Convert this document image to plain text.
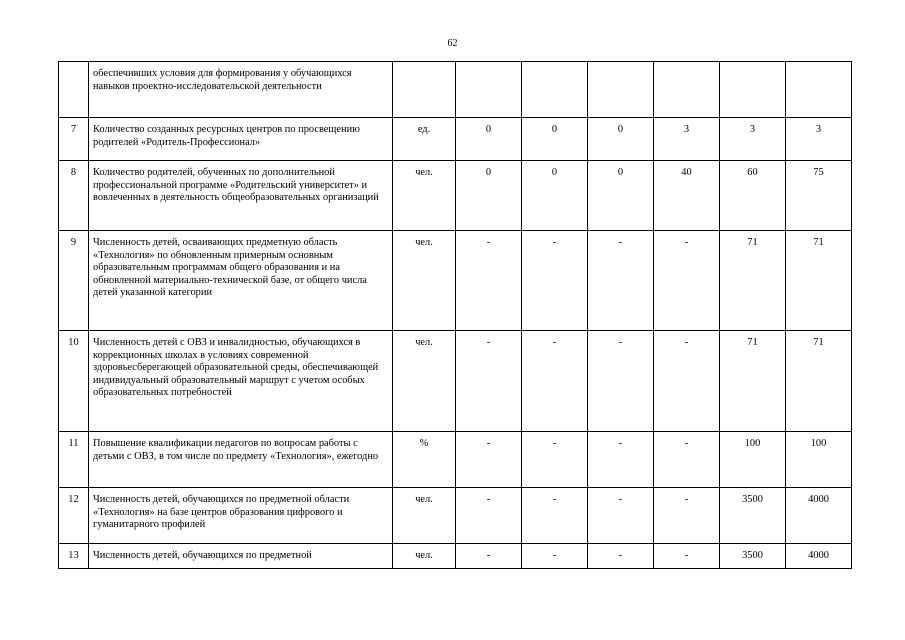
62
	обеспечивших условия для формирования у обучающихся навыков проектно-исследовательской деятельности							
7	Количество созданных ресурсных центров по просвещению родителей «Родитель-Профессионал»	ед.	0	0	0	3	3	3
8	Количество родителей, обученных по дополнительной профессиональной программе «Родительский университет» и вовлеченных в деятельность общеобразовательных организаций	чел.	0	0	0	40	60	75
9	Численность детей, осваивающих предметную область «Технология» по обновленным примерным основным образовательным программам общего образования и на обновленной материально-технической базе, от общего числа детей указанной категории	чел.	-	-	-	-	71	71
10	Численность детей с ОВЗ и инвалидностью, обучающихся в коррекционных школах в условиях современной здоровьесберегающей образовательной среды, обеспечивающей индивидуальный образовательный маршрут с учетом особых образовательных потребностей	чел.	-	-	-	-	71	71
11	Повышение квалификации педагогов по вопросам работы с детьми с ОВЗ, в том числе по предмету «Технология», ежегодно	%	-	-	-	-	100	100
12	Численность детей, обучающихся по предметной области «Технология» на базе центров образования цифрового и гуманитарного профилей	чел.	-	-	-	-	3500	4000
13	Численность детей, обучающихся по предметной	чел.	-	-	-	-	3500	4000
